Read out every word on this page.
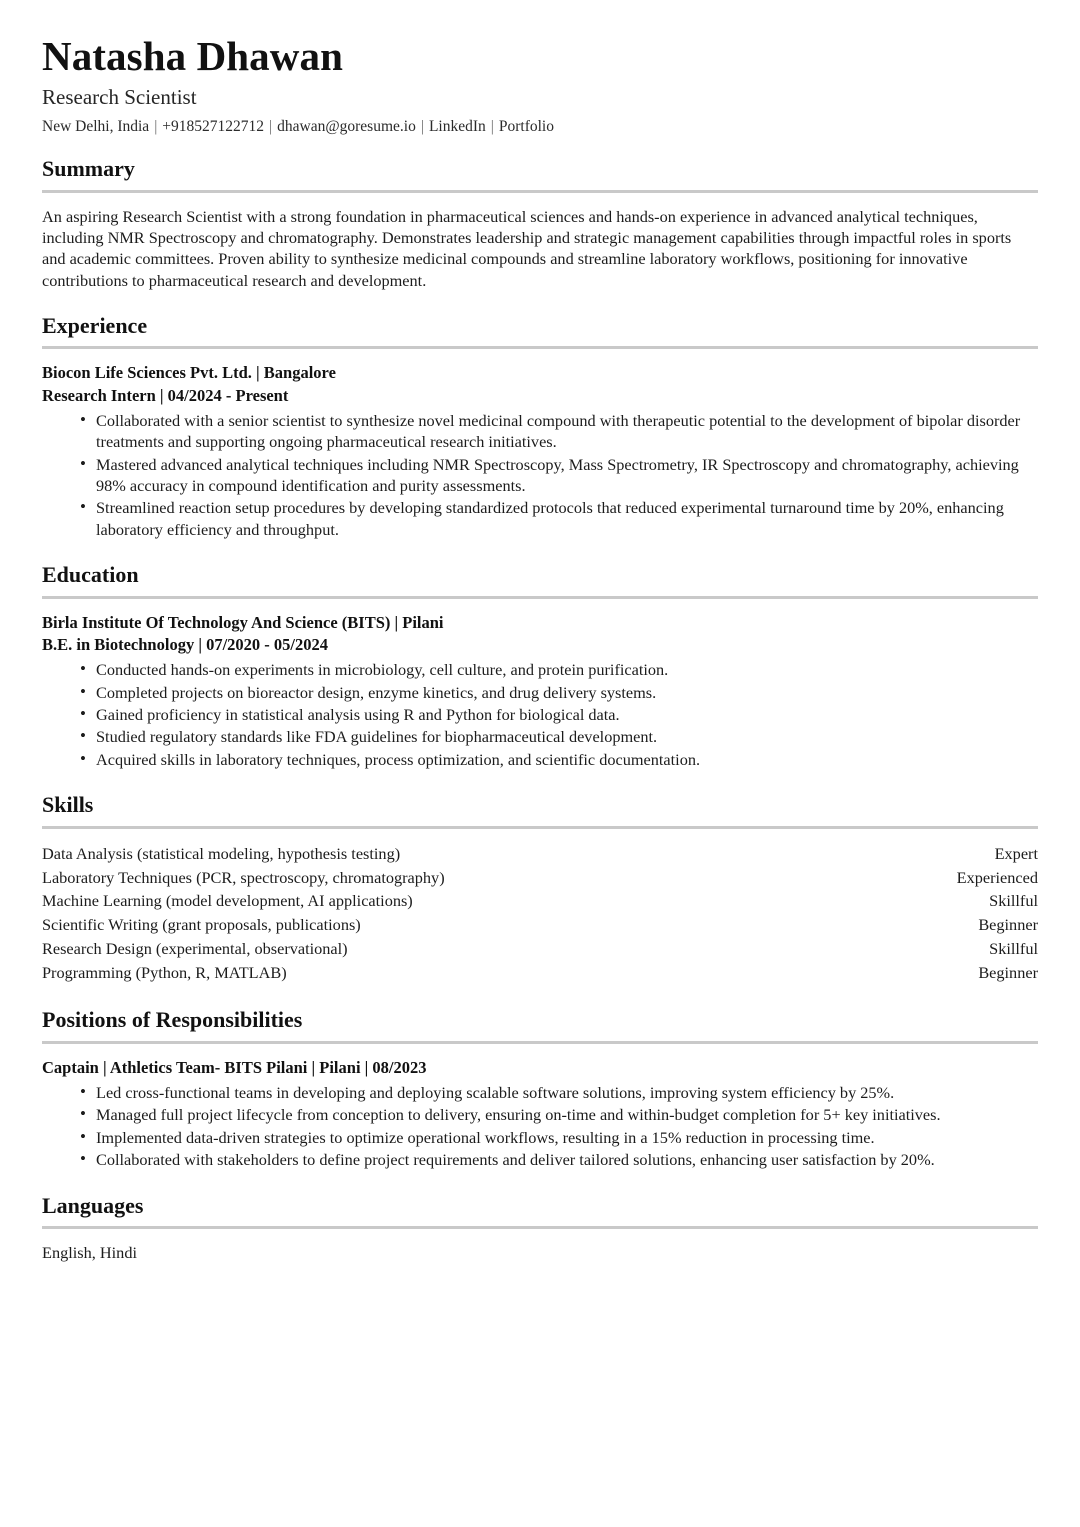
Natasha Dhawan
Research Scientist
New Delhi, India | +918527122712 | dhawan@goresume.io | LinkedIn | Portfolio
Summary

An aspiring Research Scientist with a strong foundation in pharmaceutical sciences and hands-on experience in advanced analytical techniques, including NMR Spectroscopy and chromatography. Demonstrates leadership and strategic management capabilities through impactful roles in sports and academic committees. Proven ability to synthesize medicinal compounds and streamline laboratory workflows, positioning for innovative contributions to pharmaceutical research and development.

Experience
Biocon Life Sciences Pvt. Ltd. | Bangalore
Research Intern | 04/2024 - Present
• Collaborated with a senior scientist to synthesize novel medicinal compound with therapeutic potential to the development of bipolar disorder treatments and supporting ongoing pharmaceutical research initiatives.
• Mastered advanced analytical techniques including NMR Spectroscopy, Mass Spectrometry, IR Spectroscopy and chromatography, achieving 98% accuracy in compound identification and purity assessments.
• Streamlined reaction setup procedures by developing standardized protocols that reduced experimental turnaround time by 20%, enhancing laboratory efficiency and throughput.
Education
Birla Institute Of Technology And Science (BITS) | Pilani
B.E. in Biotechnology | 07/2020 - 05/2024
• Conducted hands-on experiments in microbiology, cell culture, and protein purification.
• Completed projects on bioreactor design, enzyme kinetics, and drug delivery systems.
• Gained proficiency in statistical analysis using R and Python for biological data.
• Studied regulatory standards like FDA guidelines for biopharmaceutical development.
• Acquired skills in laboratory techniques, process optimization, and scientific documentation.
Skills
Data Analysis (statistical modeling, hypothesis testing)	Expert
Laboratory Techniques (PCR, spectroscopy, chromatography)	Experienced
Machine Learning (model development, AI applications)	Skillful
Scientific Writing (grant proposals, publications)	Beginner
Research Design (experimental, observational)	Skillful
Programming (Python, R, MATLAB)	Beginner
Positions of Responsibilities
Captain | Athletics Team- BITS Pilani | Pilani | 08/2023
• Led cross-functional teams in developing and deploying scalable software solutions, improving system efficiency by 25%.
• Managed full project lifecycle from conception to delivery, ensuring on-time and within-budget completion for 5+ key initiatives.
• Implemented data-driven strategies to optimize operational workflows, resulting in a 15% reduction in processing time.
• Collaborated with stakeholders to define project requirements and deliver tailored solutions, enhancing user satisfaction by 20%.
Languages
English, Hindi
